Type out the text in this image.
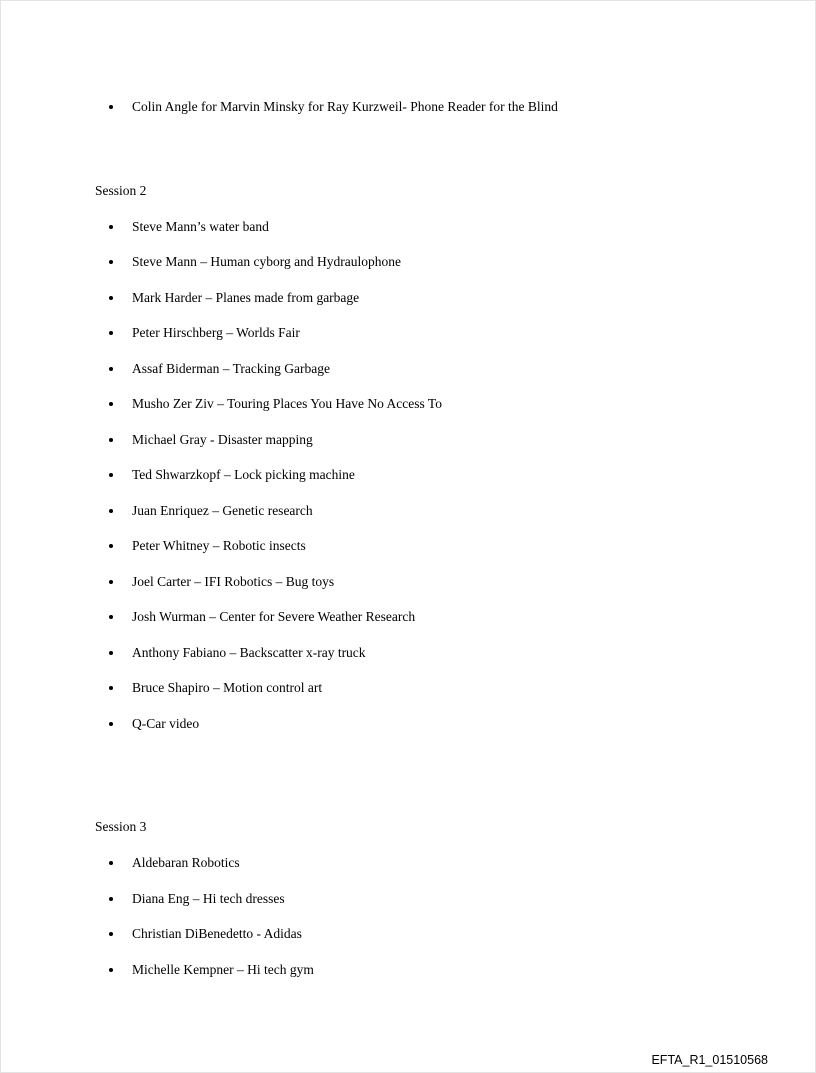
• Colin Angle for Marvin Minsky for Ray Kurzweil- Phone Reader for the Blind
Session 2
• Steve Mann’s water band
• Steve Mann – Human cyborg and Hydraulophone
• Mark Harder – Planes made from garbage
• Peter Hirschberg – Worlds Fair
• Assaf Biderman – Tracking Garbage
• Musho Zer Ziv – Touring Places You Have No Access To
• Michael Gray - Disaster mapping
• Ted Shwarzkopf – Lock picking machine
• Juan Enriquez – Genetic research
• Peter Whitney – Robotic insects
• Joel Carter – IFI Robotics – Bug toys
• Josh Wurman – Center for Severe Weather Research
• Anthony Fabiano – Backscatter x-ray truck
• Bruce Shapiro – Motion control art
• Q-Car video
Session 3
• Aldebaran Robotics
• Diana Eng – Hi tech dresses
• Christian DiBenedetto - Adidas
• Michelle Kempner – Hi tech gym
EFTA_R1_01510568
